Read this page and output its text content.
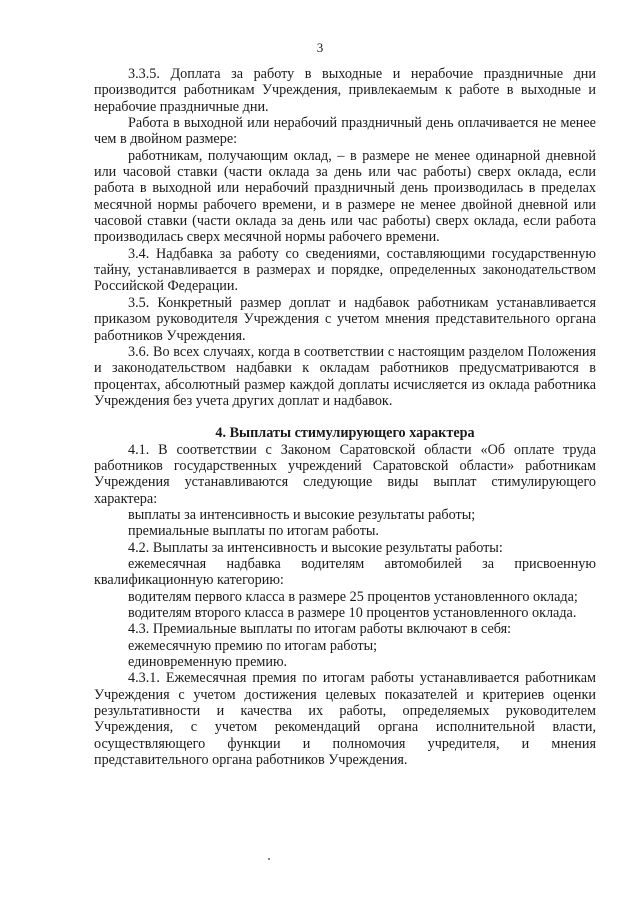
3

3.3.5. Доплата за работу в выходные и нерабочие праздничные дни производится работникам Учреждения, привлекаемым к работе в выходные и нерабочие праздничные дни.

Работа в выходной или нерабочий праздничный день оплачивается не менее чем в двойном размере:

работникам, получающим оклад, – в размере не менее одинарной дневной или часовой ставки (части оклада за день или час работы) сверх оклада, если работа в выходной или нерабочий праздничный день производилась в пределах месячной нормы рабочего времени, и в размере не менее двойной дневной или часовой ставки (части оклада за день или час работы) сверх оклада, если работа производилась сверх месячной нормы рабочего времени.

3.4. Надбавка за работу со сведениями, составляющими государственную тайну, устанавливается в размерах и порядке, определенных законодательством Российской Федерации.

3.5. Конкретный размер доплат и надбавок работникам устанавливается приказом руководителя Учреждения с учетом мнения представительного органа работников Учреждения.

3.6. Во всех случаях, когда в соответствии с настоящим разделом Положения и законодательством надбавки к окладам работников предусматриваются в процентах, абсолютный размер каждой доплаты исчисляется из оклада работника Учреждения без учета других доплат и надбавок.

4. Выплаты стимулирующего характера

4.1. В соответствии с Законом Саратовской области «Об оплате труда работников государственных учреждений Саратовской области» работникам Учреждения устанавливаются следующие виды выплат стимулирующего характера:

выплаты за интенсивность и высокие результаты работы;

премиальные выплаты по итогам работы.

4.2. Выплаты за интенсивность и высокие результаты работы:

ежемесячная надбавка водителям автомобилей за присвоенную квалификационную категорию:

водителям первого класса в размере 25 процентов установленного оклада;

водителям второго класса в размере 10 процентов установленного оклада.

4.3. Премиальные выплаты по итогам работы включают в себя:

ежемесячную премию по итогам работы;

единовременную премию.

4.3.1. Ежемесячная премия по итогам работы устанавливается работникам Учреждения с учетом достижения целевых показателей и критериев оценки результативности и качества их работы, определяемых руководителем Учреждения, с учетом рекомендаций органа исполнительной власти, осуществляющего функции и полномочия учредителя, и мнения представительного органа работников Учреждения.
